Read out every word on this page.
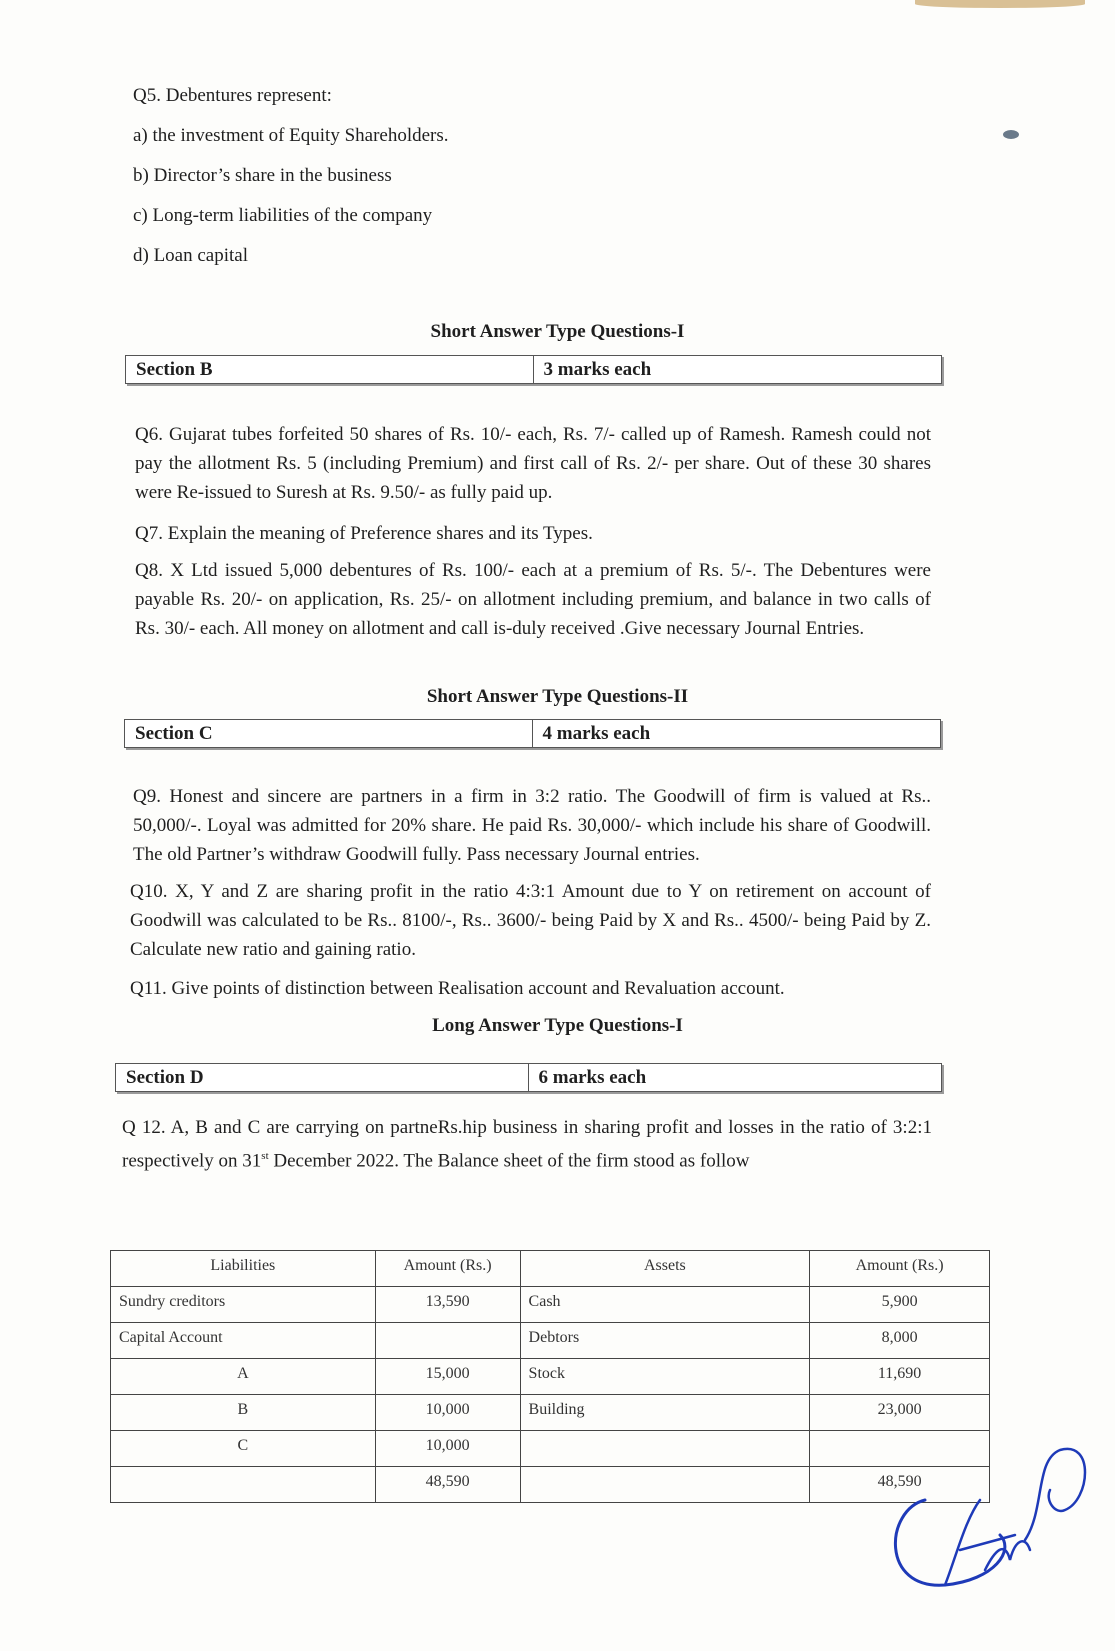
Q5. Debentures represent:
a) the investment of Equity Shareholders.
b) Director’s share in the business
c) Long-term liabilities of the company
d) Loan capital
Short Answer Type Questions-I
Section B	3 marks each
Q6. Gujarat tubes forfeited 50 shares of Rs. 10/- each, Rs. 7/- called up of Ramesh. Ramesh could not pay the allotment Rs. 5 (including Premium) and first call of Rs. 2/- per share. Out of these 30 shares were Re-issued to Suresh at Rs. 9.50/- as fully paid up.
Q7. Explain the meaning of Preference shares and its Types.
Q8. X Ltd issued 5,000 debentures of Rs. 100/- each at a premium of Rs. 5/-. The Debentures were payable Rs. 20/- on application, Rs. 25/- on allotment including premium, and balance in two calls of Rs. 30/- each. All money on allotment and call is-duly received .Give necessary Journal Entries.
Short Answer Type Questions-II
Section C	4 marks each
Q9. Honest and sincere are partners in a firm in 3:2 ratio. The Goodwill of firm is valued at Rs.. 50,000/-. Loyal was admitted for 20% share. He paid Rs. 30,000/- which include his share of Goodwill. The old Partner’s withdraw Goodwill fully. Pass necessary Journal entries.
Q10. X, Y and Z are sharing profit in the ratio 4:3:1 Amount due to Y on retirement on account of Goodwill was calculated to be Rs.. 8100/-, Rs.. 3600/- being Paid by X and Rs.. 4500/- being Paid by Z. Calculate new ratio and gaining ratio.
Q11. Give points of distinction between Realisation account and Revaluation account.
Long Answer Type Questions-I
Section D	6 marks each
Q 12. A, B and C are carrying on partneRs.hip business in sharing profit and losses in the ratio of 3:2:1 respectively on 31st December 2022. The Balance sheet of the firm stood as follow
Liabilities	Amount (Rs.)	Assets	Amount (Rs.)
Sundry creditors	13,590	Cash	5,900
Capital Account		Debtors	8,000
A	15,000	Stock	11,690
B	10,000	Building	23,000
C	10,000		
	48,590		48,590
